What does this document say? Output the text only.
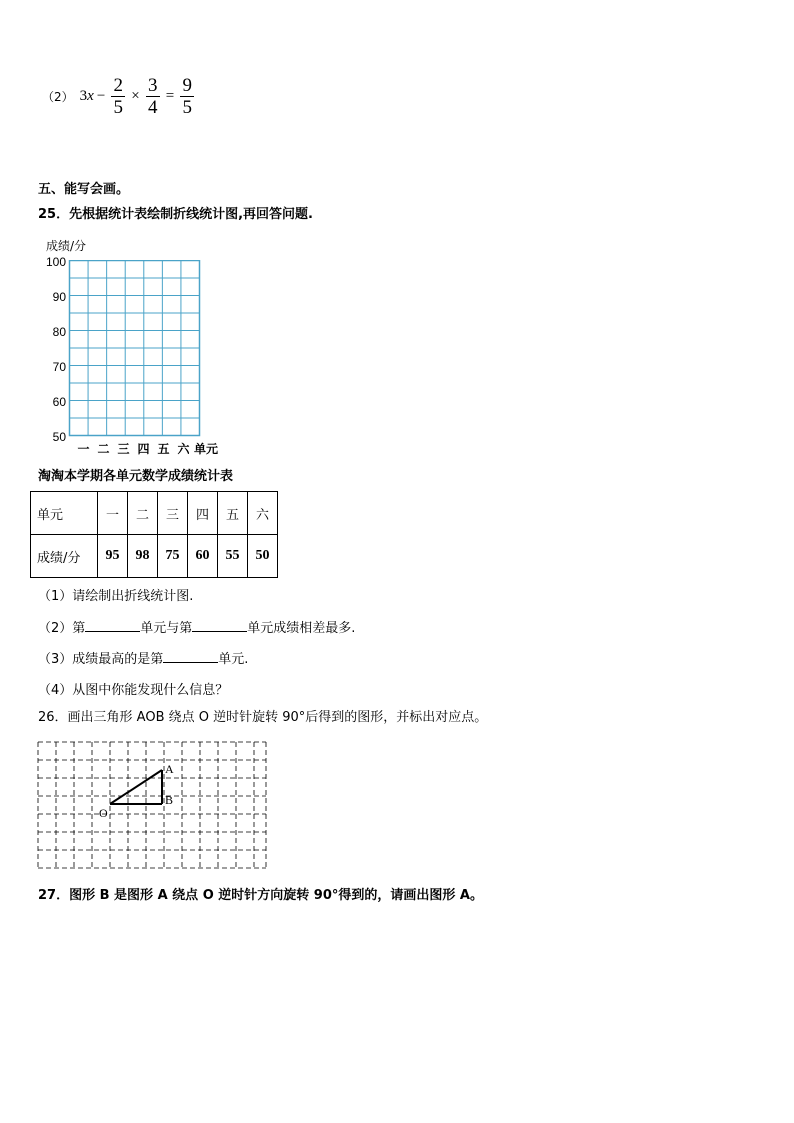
（2） 3 $x - \frac{2}{5} \times \frac{3}{4} = \frac{9}{5}$
五、能写会画。
25．先根据统计表绘制折线统计图,再回答问题.
成绩/分
100
90
80
70
60
50
一 二 三 四 五 六 单元
淘淘本学期各单元数学成绩统计表
单元	一	二	三	四	五	六
成绩/分	95	98	75	60	55	50
（1）请绘制出折线统计图.
（2）第	单元与第	单元成绩相差最多.
（3）成绩最高的是第	单元.
（4）从图中你能发现什么信息？
26．画出三角形 AOB 绕点 O 逆时针旋转 90°后得到的图形，并标出对应点。
A
B
O
27．图形 B 是图形 A 绕点 O 逆时针方向旋转 90°得到的，请画出图形 A。
